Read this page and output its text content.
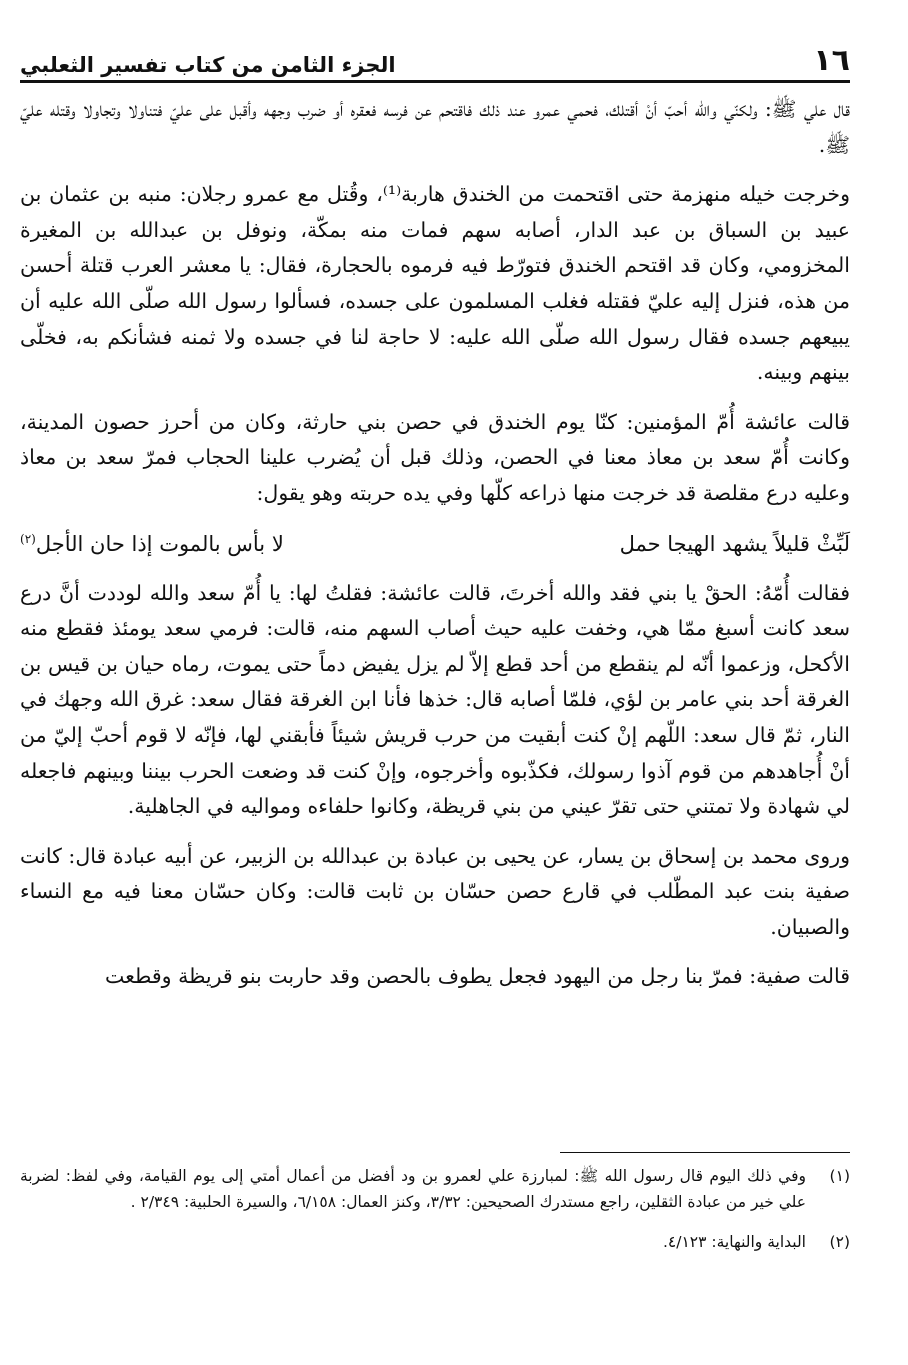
١٦
الجزء الثامن من كتاب تفسير الثعلبي

قال علي ﷺ: ولكنّي والله أحبّ أنْ أقتلك، فحمي عمرو عند ذلك فاقتحم عن فرسه فعقره أو ضرب وجهه وأقبل على عليّ فتناولا وتجاولا وقتله عليّ ﷺ.

وخرجت خيله منهزمة حتى اقتحمت من الخندق هاربة⁽¹⁾، وقُتل مع عمرو رجلان: منبه بن عثمان بن عبيد بن السباق بن عبد الدار، أصابه سهم فمات منه بمكّة، ونوفل بن عبدالله بن المغيرة المخزومي، وكان قد اقتحم الخندق فتورّط فيه فرموه بالحجارة، فقال: يا معشر العرب قتلة أحسن من هذه، فنزل إليه عليّ فقتله فغلب المسلمون على جسده، فسألوا رسول الله صلّى الله عليه أن يبيعهم جسده فقال رسول الله صلّى الله عليه: لا حاجة لنا في جسده ولا ثمنه فشأنكم به، فخلّى بينهم وبينه.

قالت عائشة أُمّ المؤمنين: كنّا يوم الخندق في حصن بني حارثة، وكان من أحرز حصون المدينة، وكانت أُمّ سعد بن معاذ معنا في الحصن، وذلك قبل أن يُضرب علينا الحجاب فمرّ سعد بن معاذ وعليه درع مقلصة قد خرجت منها ذراعه كلّها وفي يده حربته وهو يقول:

لَبِّثْ قليلاً يشهد الهيجا حمل
لا بأس بالموت إذا حان الأجل$^{(٢)}$

فقالت أُمّهُ: الحقْ يا بني فقد والله أخرتَ، قالت عائشة: فقلتُ لها: يا أُمّ سعد والله لوددت أنَّ درع سعد كانت أسبغ ممّا هي، وخفت عليه حيث أصاب السهم منه، قالت: فرمي سعد يومئذ فقطع منه الأكحل، وزعموا أنّه لم ينقطع من أحد قطع إلاّ لم يزل يفيض دماً حتى يموت، رماه حيان بن قيس بن الغرقة أحد بني عامر بن لؤي، فلمّا أصابه قال: خذها فأنا ابن الغرقة فقال سعد: غرق الله وجهك في النار، ثمّ قال سعد: اللّهم إنْ كنت أبقيت من حرب قريش شيئاً فأبقني لها، فإنّه لا قوم أحبّ إليّ من أنْ أُجاهدهم من قوم آذوا رسولك، فكذّبوه وأخرجوه، وإنْ كنت قد وضعت الحرب بيننا وبينهم فاجعله لي شهادة ولا تمتني حتى تقرّ عيني من بني قريظة، وكانوا حلفاءه ومواليه في الجاهلية.

وروى محمد بن إسحاق بن يسار، عن يحيى بن عبادة بن عبدالله بن الزبير، عن أبيه عبادة قال: كانت صفية بنت عبد المطّلب في قارع حصن حسّان بن ثابت قالت: وكان حسّان معنا فيه مع النساء والصبيان.

قالت صفية: فمرّ بنا رجل من اليهود فجعل يطوف بالحصن وقد حاربت بنو قريظة وقطعت

(١)
وفي ذلك اليوم قال رسول الله ﷺ: لمبارزة علي لعمرو بن ود أفضل من أعمال أمتي إلى يوم القيامة، وفي لفظ: لضربة علي خير من عبادة الثقلين، راجع مستدرك الصحيحين: ٣/٣٢، وكنز العمال: ٦/١٥٨، والسيرة الحلبية: ٢/٣٤٩ .
(٢)
البداية والنهاية: ٤/١٢٣.
